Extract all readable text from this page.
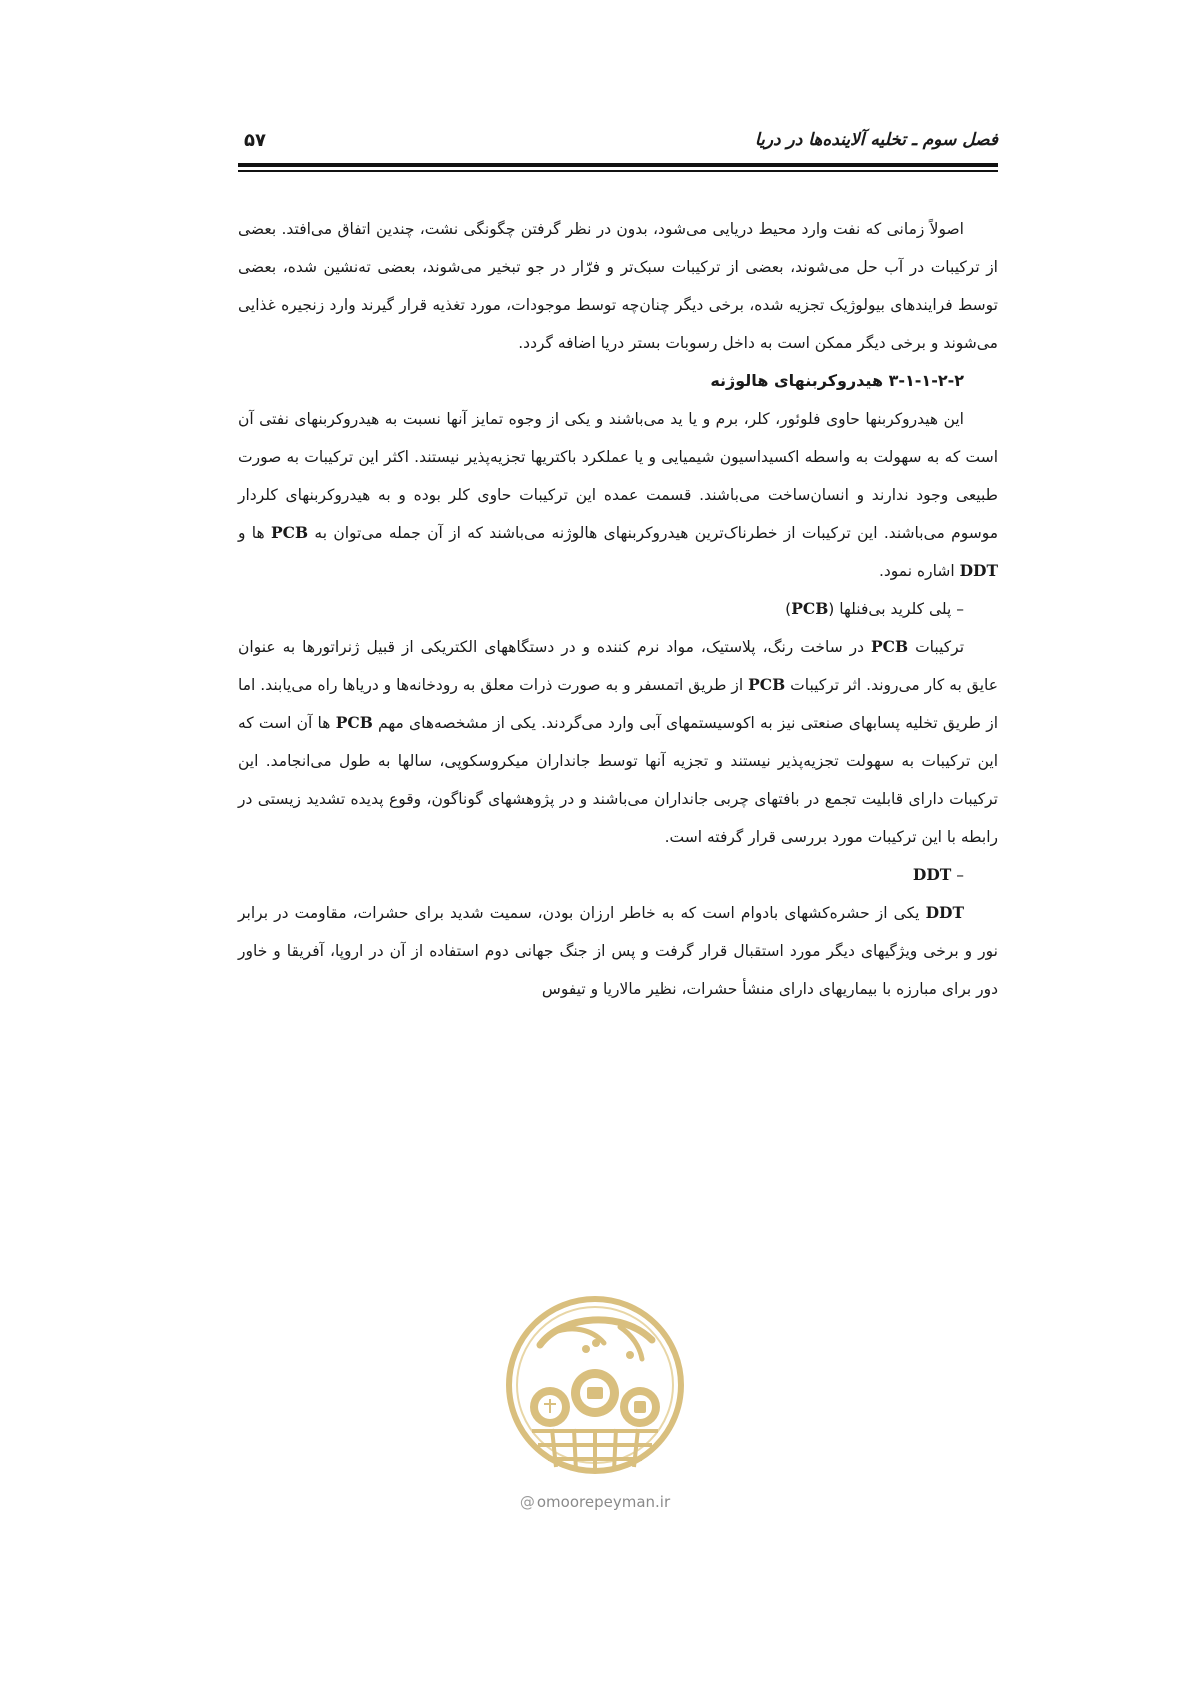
فصل سوم ـ تخلیه آلاینده‌ها در دریا
۵۷

اصولاً زمانی که نفت وارد محیط دریایی می‌شود، بدون در نظر گرفتن چگونگی نشت، چندین اتفاق می‌افتد. بعضی از ترکیبات در آب حل می‌شوند، بعضی از ترکیبات سبک‌تر و فرّار در جو تبخیر می‌شوند، بعضی ته‌نشین شده، بعضی توسط فرایندهای بیولوژیک تجزیه شده، برخی دیگر چنان‌چه توسط موجودات، مورد تغذیه قرار گیرند وارد زنجیره غذایی می‌شوند و برخی دیگر ممکن است به داخل رسوبات بستر دریا اضافه گردد.

۳-۱-۱-۲-۲ هیدروکربنهای هالوژنه

این هیدروکربنها حاوی فلوئور، کلر، برم و یا ید می‌باشند و یکی از وجوه تمایز آنها نسبت به هیدروکربنهای نفتی آن است که به سهولت به واسطه اکسیداسیون شیمیایی و یا عملکرد باکتریها تجزیه‌پذیر نیستند. اکثر این ترکیبات به صورت طبیعی وجود ندارند و انسان‌ساخت می‌باشند. قسمت عمده این ترکیبات حاوی کلر بوده و به هیدروکربنهای کلردار موسوم می‌باشند. این ترکیبات از خطرناک‌ترین هیدروکربنهای هالوژنه می‌باشند که از آن جمله می‌توان به PCB ها و DDT اشاره نمود.

– پلی کلرید بی‌فنلها (PCB)

ترکیبات PCB در ساخت رنگ، پلاستیک، مواد نرم کننده و در دستگاههای الکتریکی از قبیل ژنراتورها به عنوان عایق به کار می‌روند. اثر ترکیبات PCB از طریق اتمسفر و به صورت ذرات معلق به رودخانه‌ها و دریاها راه می‌یابند. اما از طریق تخلیه پسابهای صنعتی نیز به اکوسیستمهای آبی وارد می‌گردند. یکی از مشخصه‌های مهم PCB ها آن است که این ترکیبات به سهولت تجزیه‌پذیر نیستند و تجزیه آنها توسط جانداران میکروسکوپی، سالها به طول می‌انجامد. این ترکیبات دارای قابلیت تجمع در بافتهای چربی جانداران می‌باشند و در پژوهشهای گوناگون، وقوع پدیده تشدید زیستی در رابطه با این ترکیبات مورد بررسی قرار گرفته است.

– DDT

DDT یکی از حشره‌کشهای بادوام است که به خاطر ارزان بودن، سمیت شدید برای حشرات، مقاومت در برابر نور و برخی ویژگیهای دیگر مورد استقبال قرار گرفت و پس از جنگ جهانی دوم استفاده از آن در اروپا، آفریقا و خاور دور برای مبارزه با بیماریهای دارای منشأ حشرات، نظیر مالاریا و تیفوس

@ omoorepeyman.ir
